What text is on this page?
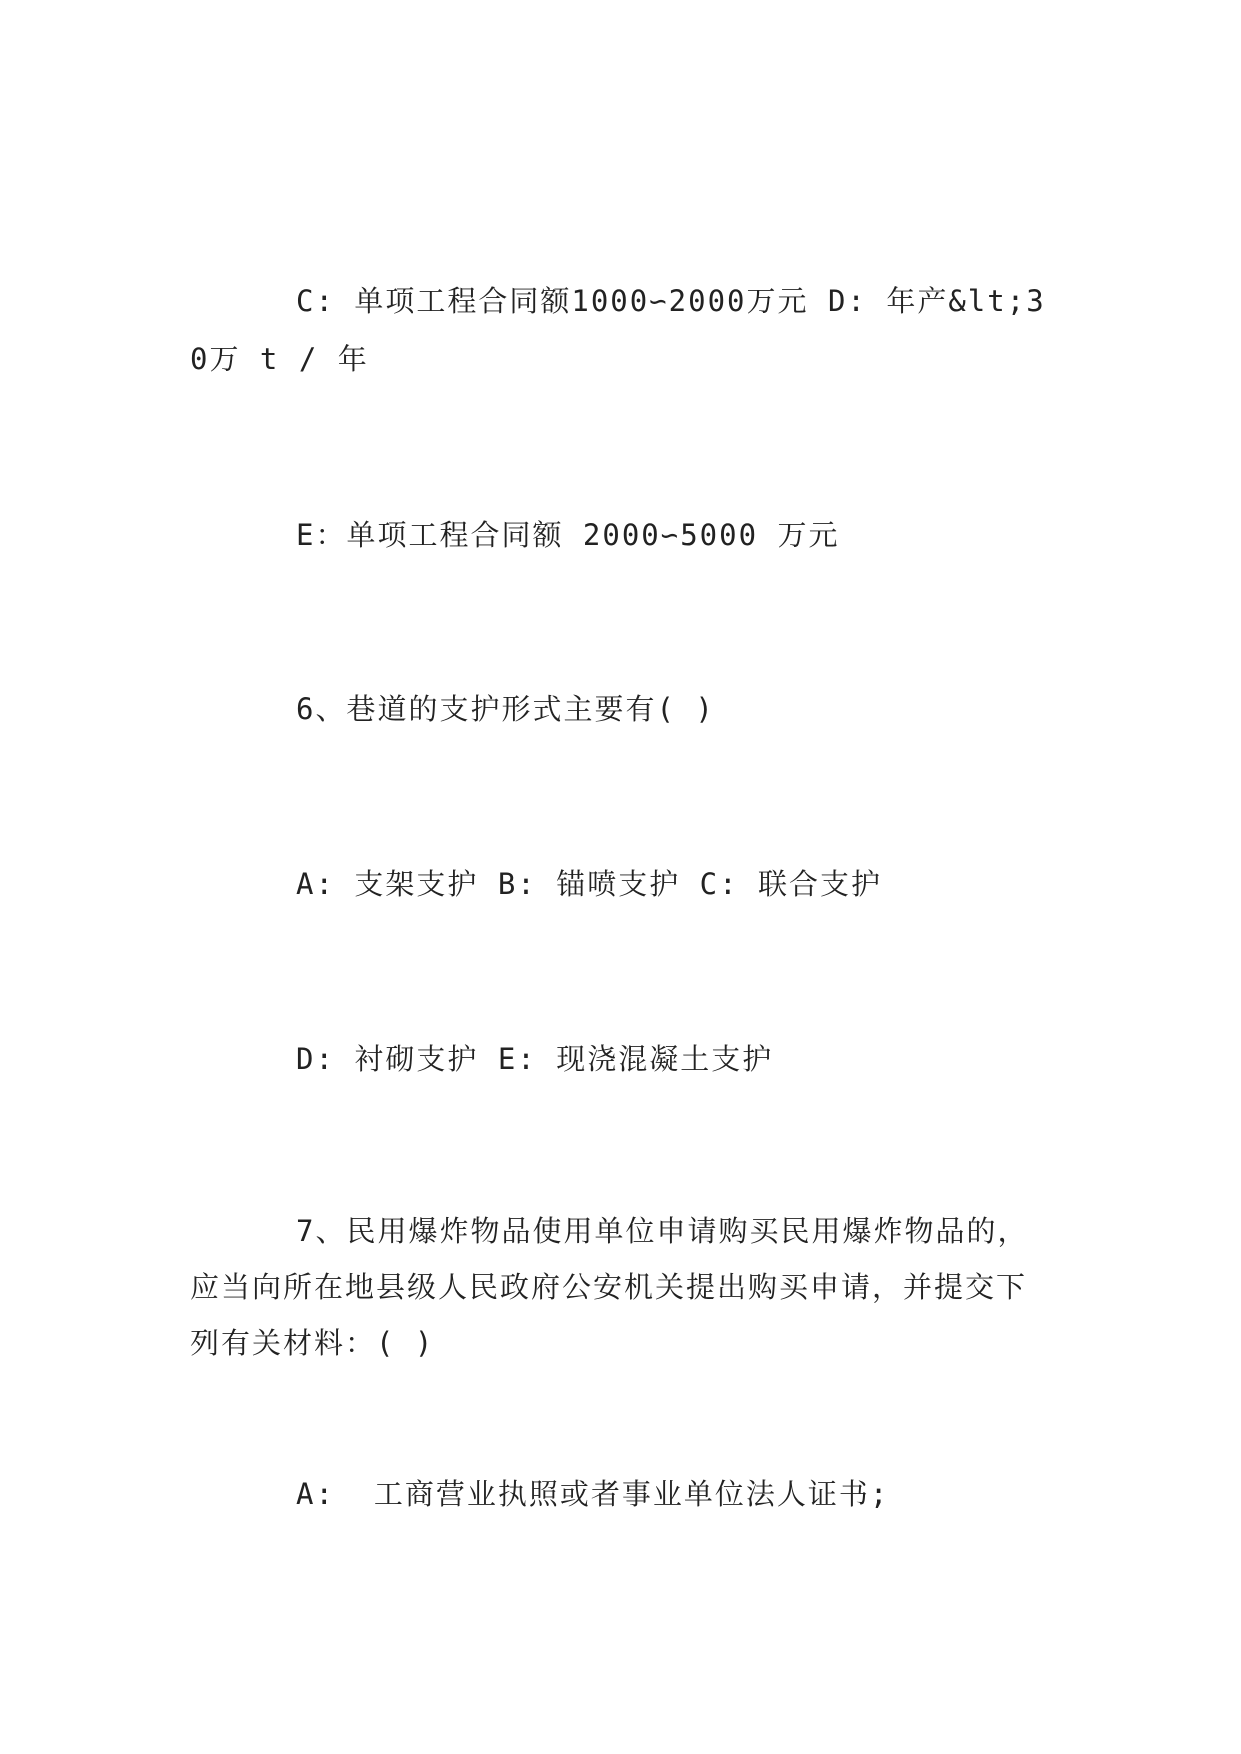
C: 单项工程合同额1000∽2000万元 D: 年产&lt;30万 t / 年

E：单项工程合同额 2000∽5000 万元

6、巷道的支护形式主要有( )

A: 支架支护 B: 锚喷支护 C: 联合支护

D: 衬砌支护 E: 现浇混凝土支护

7、民用爆炸物品使用单位申请购买民用爆炸物品的，应当向所在地县级人民政府公安机关提出购买申请，并提交下列有关材料：( )

A:  工商营业执照或者事业单位法人证书;
